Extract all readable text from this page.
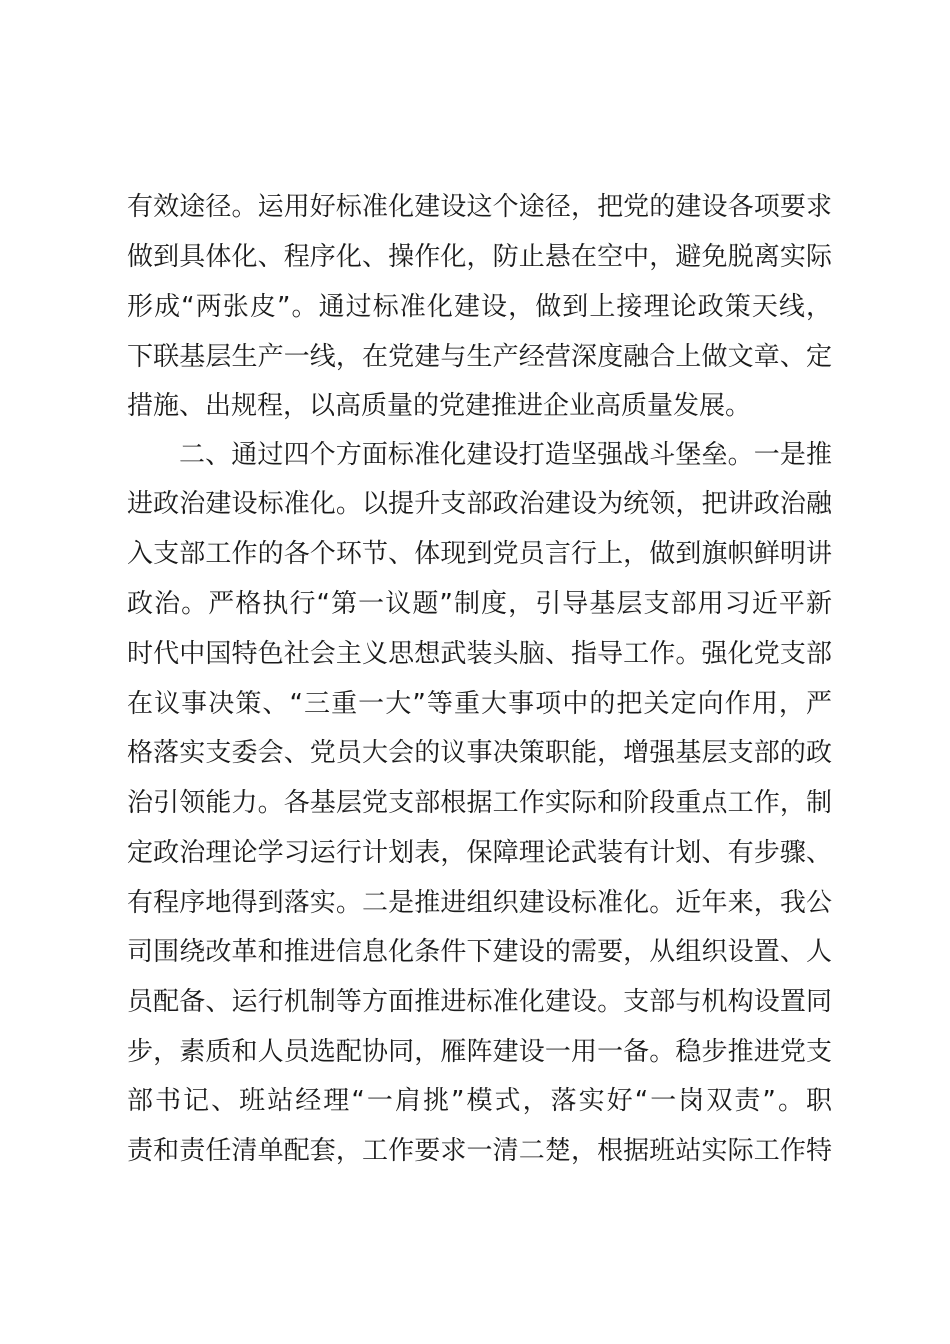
有效途径。运用好标准化建设这个途径，把党的建设各项要求
做到具体化、程序化、操作化，防止悬在空中，避免脱离实际
形成“两张皮”。通过标准化建设，做到上接理论政策天线，
下联基层生产一线，在党建与生产经营深度融合上做文章、定
措施、出规程，以高质量的党建推进企业高质量发展。
二、通过四个方面标准化建设打造坚强战斗堡垒。一是推
进政治建设标准化。以提升支部政治建设为统领，把讲政治融
入支部工作的各个环节、体现到党员言行上，做到旗帜鲜明讲
政治。严格执行“第一议题”制度，引导基层支部用习近平新
时代中国特色社会主义思想武装头脑、指导工作。强化党支部
在议事决策、“三重一大”等重大事项中的把关定向作用，严
格落实支委会、党员大会的议事决策职能，增强基层支部的政
治引领能力。各基层党支部根据工作实际和阶段重点工作，制
定政治理论学习运行计划表，保障理论武装有计划、有步骤、
有程序地得到落实。二是推进组织建设标准化。近年来，我公
司围绕改革和推进信息化条件下建设的需要，从组织设置、人
员配备、运行机制等方面推进标准化建设。支部与机构设置同
步，素质和人员选配协同，雁阵建设一用一备。稳步推进党支
部书记、班站经理“一肩挑”模式，落实好“一岗双责”。职
责和责任清单配套，工作要求一清二楚，根据班站实际工作特
